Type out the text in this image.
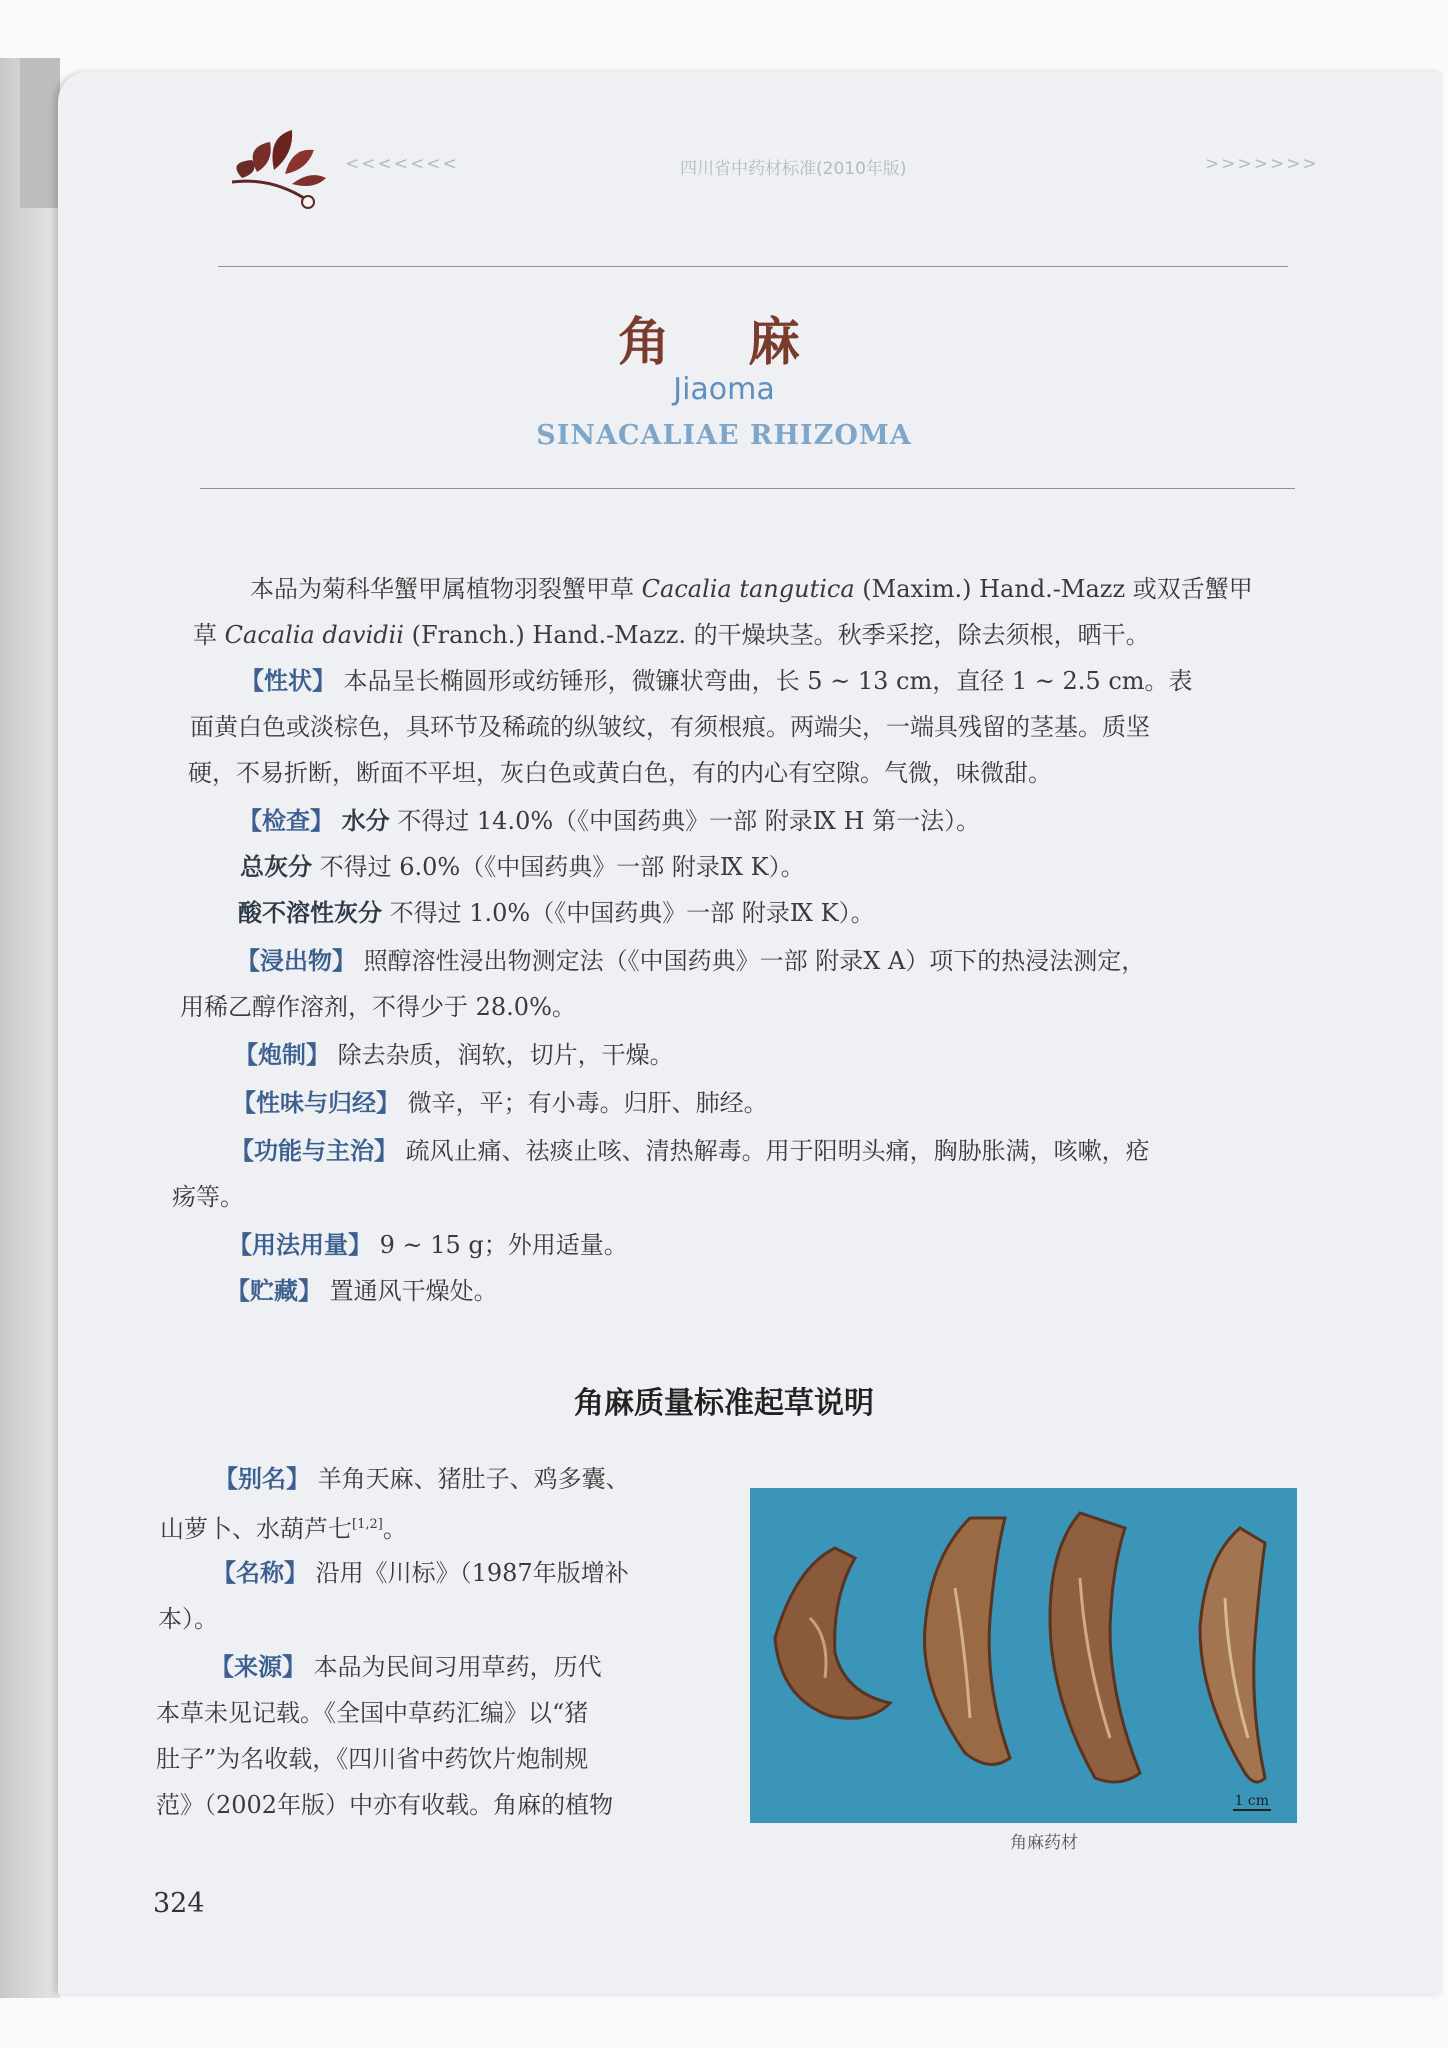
<<<<<<<	四川省中药材标准(2010年版)	>>>>>>>
角 麻
Jiaoma
SINACALIAE RHIZOMA
本品为菊科华蟹甲属植物羽裂蟹甲草 Cacalia tangutica (Maxim.) Hand.-Mazz 或双舌蟹甲
草 Cacalia davidii (Franch.) Hand.-Mazz. 的干燥块茎。秋季采挖，除去须根，晒干。
【性状】 本品呈长椭圆形或纺锤形，微镰状弯曲，长 5 ~ 13 cm，直径 1 ~ 2.5 cm。表
面黄白色或淡棕色，具环节及稀疏的纵皱纹，有须根痕。两端尖，一端具残留的茎基。质坚
硬，不易折断，断面不平坦，灰白色或黄白色，有的内心有空隙。气微，味微甜。
【检查】 水分 不得过 14.0%（《中国药典》一部 附录Ⅸ H 第一法）。
总灰分 不得过 6.0%（《中国药典》一部 附录Ⅸ K）。
酸不溶性灰分 不得过 1.0%（《中国药典》一部 附录Ⅸ K）。
【浸出物】 照醇溶性浸出物测定法（《中国药典》一部 附录X A）项下的热浸法测定，
用稀乙醇作溶剂，不得少于 28.0%。
【炮制】 除去杂质，润软，切片，干燥。
【性味与归经】 微辛，平；有小毒。归肝、肺经。
【功能与主治】 疏风止痛、祛痰止咳、清热解毒。用于阳明头痛，胸胁胀满，咳嗽，疮
疡等。
【用法用量】 9 ~ 15 g；外用适量。
【贮藏】 置通风干燥处。
角麻质量标准起草说明
【别名】 羊角天麻、猪肚子、鸡多囊、
山萝卜、水葫芦七[1,2]。
【名称】 沿用《川标》（1987年版增补
本）。
【来源】 本品为民间习用草药，历代
本草未见记载。《全国中草药汇编》以“猪
肚子”为名收载，《四川省中药饮片炮制规
范》（2002年版）中亦有收载。角麻的植物	1 cm
角麻药材
324
